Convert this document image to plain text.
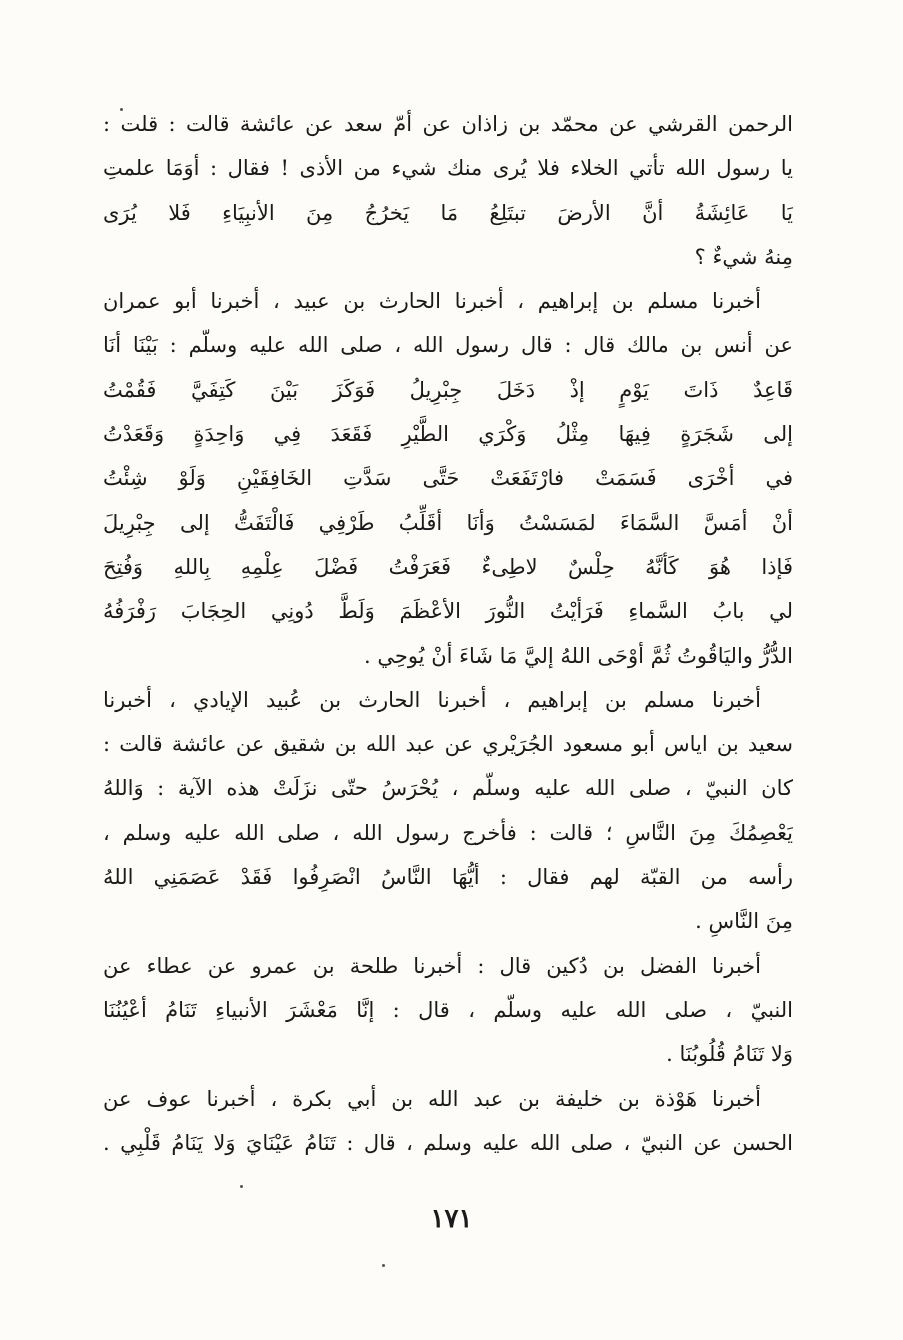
الرحمن القرشي عن محمّد بن زاذان عن أمّ سعد عن عائشة قالت : قلت :
يا رسول الله تأتي الخلاء فلا يُرى منك شيء من الأذى ! فقال : أوَمَا علمتِ
يَا عَائِشَةُ أنَّ الأرضَ تبتَلِعُ مَا يَخرُجُ مِنَ الأنبِيَاءِ فَلا يُرَى
مِنهُ شيءٌ ؟
أخبرنا مسلم بن إبراهيم ، أخبرنا الحارث بن عبيد ، أخبرنا أبو عمران
عن أنس بن مالك قال : قال رسول الله ، صلى الله عليه وسلّم : بَيْنَا أنَا
قَاعِدٌ ذَاتَ يَوْمٍ إذْ دَخَلَ جِبْرِيلُ فَوَكَزَ بَيْنَ كَتِفَيَّ فَقُمْتُ
إلى شَجَرَةٍ فِيهَا مِثْلُ وَكْرَي الطَّيْرِ فَقَعَدَ فِي وَاحِدَةٍ وَقَعَدْتُ
في أخْرَى فَسَمَتْ فارْتَفَعَتْ حَتَّى سَدَّتِ الخَافِقَيْنِ وَلَوْ شِئْتُ
أنْ أمَسَّ السَّمَاءَ لمَسَسْتُ وَأنَا أقَلِّبُ طَرْفِي فَالْتَفَتُّ إلى جِبْرِيلَ
فَإذا هُوَ كَأنَّهُ حِلْسٌ لاطِىءٌ فَعَرَفْتُ فَضْلَ عِلْمِهِ بِاللهِ وَفُتِحَ
لي بابُ السَّماءِ فَرَأيْتُ النُّورَ الأعْظَمَ وَلَطَّ دُونِي الحِجَابَ رَفْرَفُهُ
الدُّرُّ واليَاقُوتُ ثُمَّ أوْحَى اللهُ إليَّ مَا شَاءَ أنْ يُوحِي .
أخبرنا مسلم بن إبراهيم ، أخبرنا الحارث بن عُبيد الإيادي ، أخبرنا
سعيد بن اياس أبو مسعود الجُرَيْري عن عبد الله بن شقيق عن عائشة قالت :
كان النبيّ ، صلى الله عليه وسلّم ، يُحْرَسُ حتّى نزَلَتْ هذه الآية : وَاللهُ
يَعْصِمُكَ مِنَ النَّاسِ ؛ قالت : فأخرج رسول الله ، صلى الله عليه وسلم ،
رأسه من القبّة لهم فقال : أيُّهَا النَّاسُ انْصَرِفُوا فَقَدْ عَصَمَنِي اللهُ
مِنَ النَّاسِ .
أخبرنا الفضل بن دُكين قال : أخبرنا طلحة بن عمرو عن عطاء عن
النبيّ ، صلى الله عليه وسلّم ، قال : إنَّا مَعْشَرَ الأنبياءِ تَنَامُ أعْيُنُنَا
وَلا تَنَامُ قُلُوبُنَا .
أخبرنا هَوْذة بن خليفة بن عبد الله بن أبي بكرة ، أخبرنا عوف عن
الحسن عن النبيّ ، صلى الله عليه وسلم ، قال : تَنَامُ عَيْنَايَ وَلا يَنَامُ قَلْبِي .
١٧١
